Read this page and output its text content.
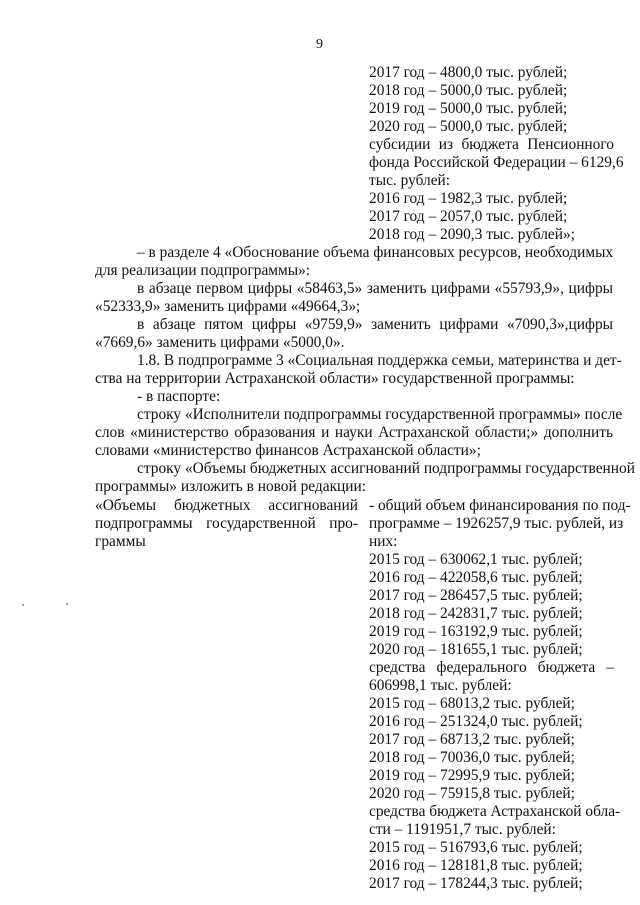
9
2017 год – 4800,0 тыс. рублей;
2018 год – 5000,0 тыс. рублей;
2019 год – 5000,0 тыс. рублей;
2020 год – 5000,0 тыс. рублей;
субсидии из бюджета Пенсионного
фонда Российской Федерации – 6129,6
тыс. рублей:
2016 год – 1982,3 тыс. рублей;
2017 год – 2057,0 тыс. рублей;
2018 год – 2090,3 тыс. рублей»;
– в разделе 4 «Обоснование объема финансовых ресурсов, необходимых
для реализации подпрограммы»:
в абзаце первом цифры «58463,5» заменить цифрами «55793,9», цифры
«52333,9» заменить цифрами «49664,3»;
в абзаце пятом цифры «9759,9» заменить цифрами «7090,3»,цифры
«7669,6» заменить цифрами «5000,0».
1.8. В подпрограмме 3 «Социальная поддержка семьи, материнства и дет-
ства на территории Астраханской области» государственной программы:
- в паспорте:
строку «Исполнители подпрограммы государственной программы» после
слов «министерство образования и науки Астраханской области;» дополнить
словами «министерство финансов Астраханской области»;
строку «Объемы бюджетных ассигнований подпрограммы государственной
программы» изложить в новой редакции:
«Объемы бюджетных ассигнований
подпрограммы государственной про-
граммы
- общий объем финансирования по под-
программе – 1926257,9 тыс. рублей, из
них:
2015 год – 630062,1 тыс. рублей;
2016 год – 422058,6 тыс. рублей;
2017 год – 286457,5 тыс. рублей;
2018 год – 242831,7 тыс. рублей;
2019 год – 163192,9 тыс. рублей;
2020 год – 181655,1 тыс. рублей;
средства федерального бюджета –
606998,1 тыс. рублей:
2015 год – 68013,2 тыс. рублей;
2016 год – 251324,0 тыс. рублей;
2017 год – 68713,2 тыс. рублей;
2018 год – 70036,0 тыс. рублей;
2019 год – 72995,9 тыс. рублей;
2020 год – 75915,8 тыс. рублей;
средства бюджета Астраханской обла-
сти – 1191951,7 тыс. рублей:
2015 год – 516793,6 тыс. рублей;
2016 год – 128181,8 тыс. рублей;
2017 год – 178244,3 тыс. рублей;
